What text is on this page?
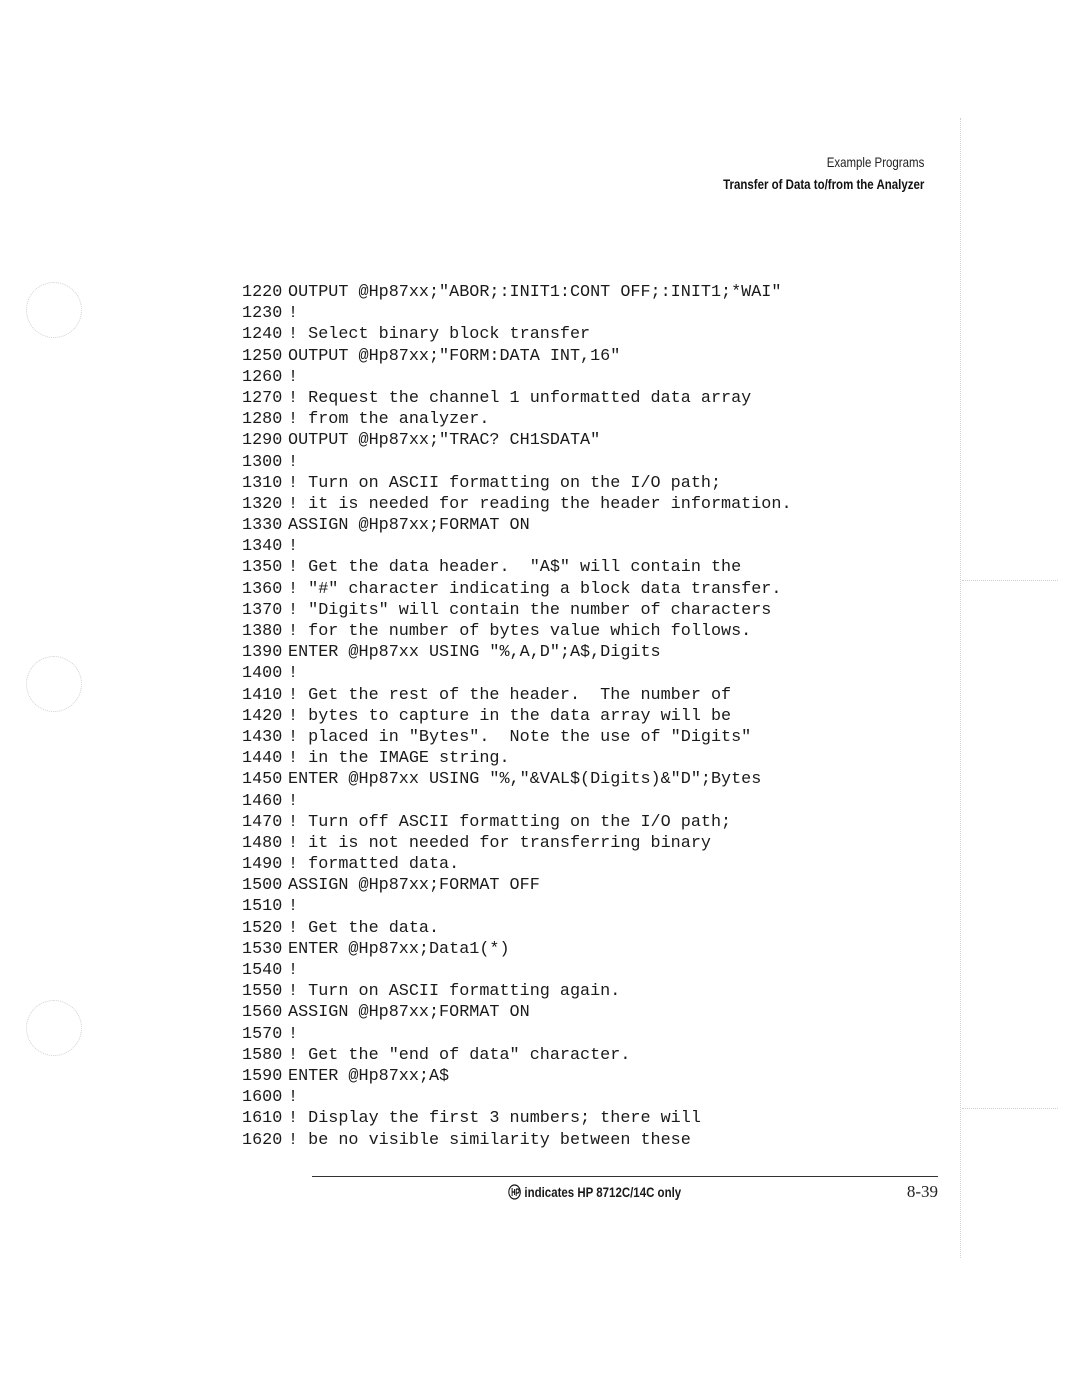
Example Programs
Transfer of Data to/from the Analyzer
1220 OUTPUT @Hp87xx;"ABOR;:INIT1:CONT OFF;:INIT1;*WAI"
1230 !
1240 ! Select binary block transfer
1250 OUTPUT @Hp87xx;"FORM:DATA INT,16"
1260 !
1270 ! Request the channel 1 unformatted data array
1280 ! from the analyzer.
1290 OUTPUT @Hp87xx;"TRAC? CH1SDATA"
1300 !
1310 ! Turn on ASCII formatting on the I/O path;
1320 ! it is needed for reading the header information.
1330 ASSIGN @Hp87xx;FORMAT ON
1340 !
1350 ! Get the data header.  "A$" will contain the
1360 ! "#" character indicating a block data transfer.
1370 ! "Digits" will contain the number of characters
1380 ! for the number of bytes value which follows.
1390 ENTER @Hp87xx USING "%,A,D";A$,Digits
1400 !
1410 ! Get the rest of the header.  The number of
1420 ! bytes to capture in the data array will be
1430 ! placed in "Bytes".  Note the use of "Digits"
1440 ! in the IMAGE string.
1450 ENTER @Hp87xx USING "%,"&VAL$(Digits)&"D";Bytes
1460 !
1470 ! Turn off ASCII formatting on the I/O path;
1480 ! it is not needed for transferring binary
1490 ! formatted data.
1500 ASSIGN @Hp87xx;FORMAT OFF
1510 !
1520 ! Get the data.
1530 ENTER @Hp87xx;Data1(*)
1540 !
1550 ! Turn on ASCII formatting again.
1560 ASSIGN @Hp87xx;FORMAT ON
1570 !
1580 ! Get the "end of data" character.
1590 ENTER @Hp87xx;A$
1600 !
1610 ! Display the first 3 numbers; there will
1620 ! be no visible similarity between these
indicates HP 8712C/14C only	8-39
